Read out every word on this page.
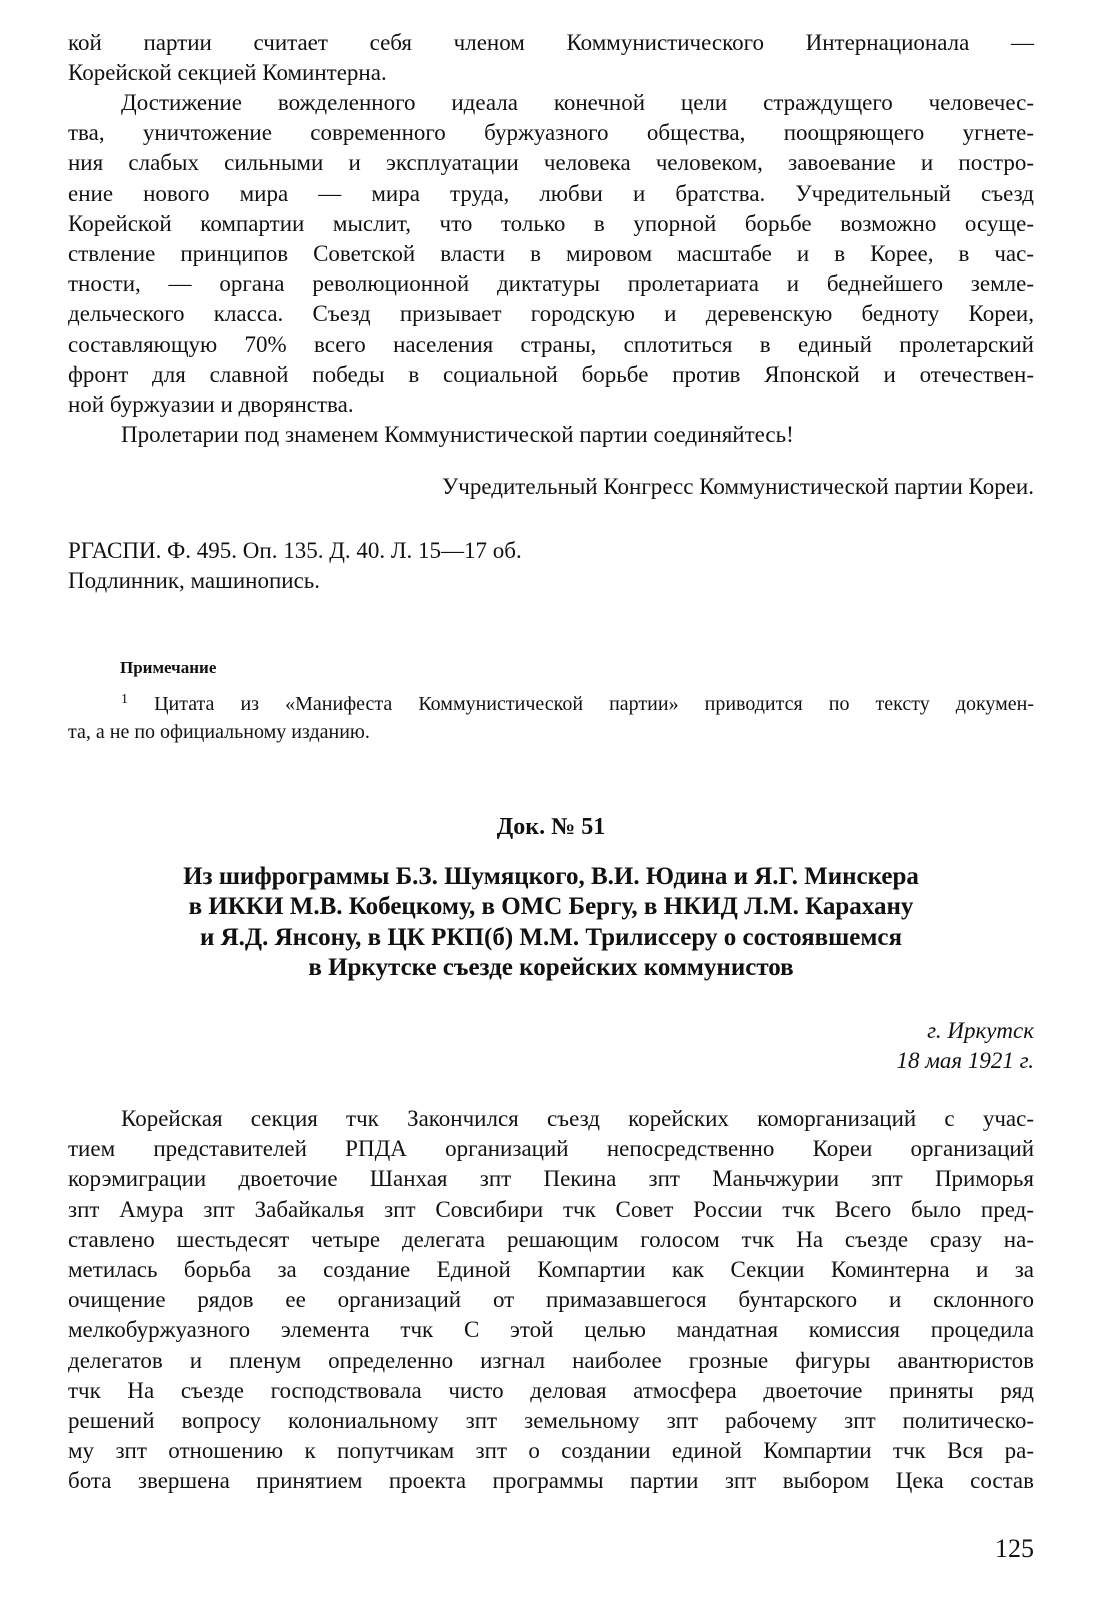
кой партии считает себя членом Коммунистического Интернационала —
Корейской секцией Коминтерна.
Достижение вожделенного идеала конечной цели страждущего человечес-
тва, уничтожение современного буржуазного общества, поощряющего угнете-
ния слабых сильными и эксплуатации человека человеком, завоевание и постро-
ение нового мира — мира труда, любви и братства. Учредительный съезд
Корейской компартии мыслит, что только в упорной борьбе возможно осуще-
ствление принципов Советской власти в мировом масштабе и в Корее, в час-
тности, — органа революционной диктатуры пролетариата и беднейшего земле-
дельческого класса. Съезд призывает городскую и деревенскую бедноту Кореи,
составляющую 70% всего населения страны, сплотиться в единый пролетарский
фронт для славной победы в социальной борьбе против Японской и отечествен-
ной буржуазии и дворянства.
Пролетарии под знаменем Коммунистической партии соединяйтесь!
Учредительный Конгресс Коммунистической партии Кореи.
РГАСПИ. Ф. 495. Оп. 135. Д. 40. Л. 15—17 об.
Подлинник, машинопись.
Примечание
$^1$ Цитата из «Манифеста Коммунистической партии» приводится по тексту докумен-
та, а не по официальному изданию.
Док. № 51
Из шифрограммы Б.З. Шумяцкого, В.И. Юдина и Я.Г. Минскера
в ИККИ М.В. Кобецкому, в ОМС Бергу, в НКИД Л.М. Карахану
и Я.Д. Янсону, в ЦК РКП(б) М.М. Трилиссеру о состоявшемся
в Иркутске съезде корейских коммунистов
г. Иркутск
18 мая 1921 г.
Корейская секция тчк Закончился съезд корейских коморганизаций с учас-
тием представителей РПДА организаций непосредственно Кореи организаций
корэмиграции двоеточие Шанхая зпт Пекина зпт Маньчжурии зпт Приморья
зпт Амура зпт Забайкалья зпт Совсибири тчк Совет России тчк Всего было пред-
ставлено шестьдесят четыре делегата решающим голосом тчк На съезде сразу на-
метилась борьба за создание Единой Компартии как Секции Коминтерна и за
очищение рядов ее организаций от примазавшегося бунтарского и склонного
мелкобуржуазного элемента тчк С этой целью мандатная комиссия процедила
делегатов и пленум определенно изгнал наиболее грозные фигуры авантюристов
тчк На съезде господствовала чисто деловая атмосфера двоеточие приняты ряд
решений вопросу колониальному зпт земельному зпт рабочему зпт политическо-
му зпт отношению к попутчикам зпт о создании единой Компартии тчк Вся ра-
бота звершена принятием проекта программы партии зпт выбором Цека состав
125
